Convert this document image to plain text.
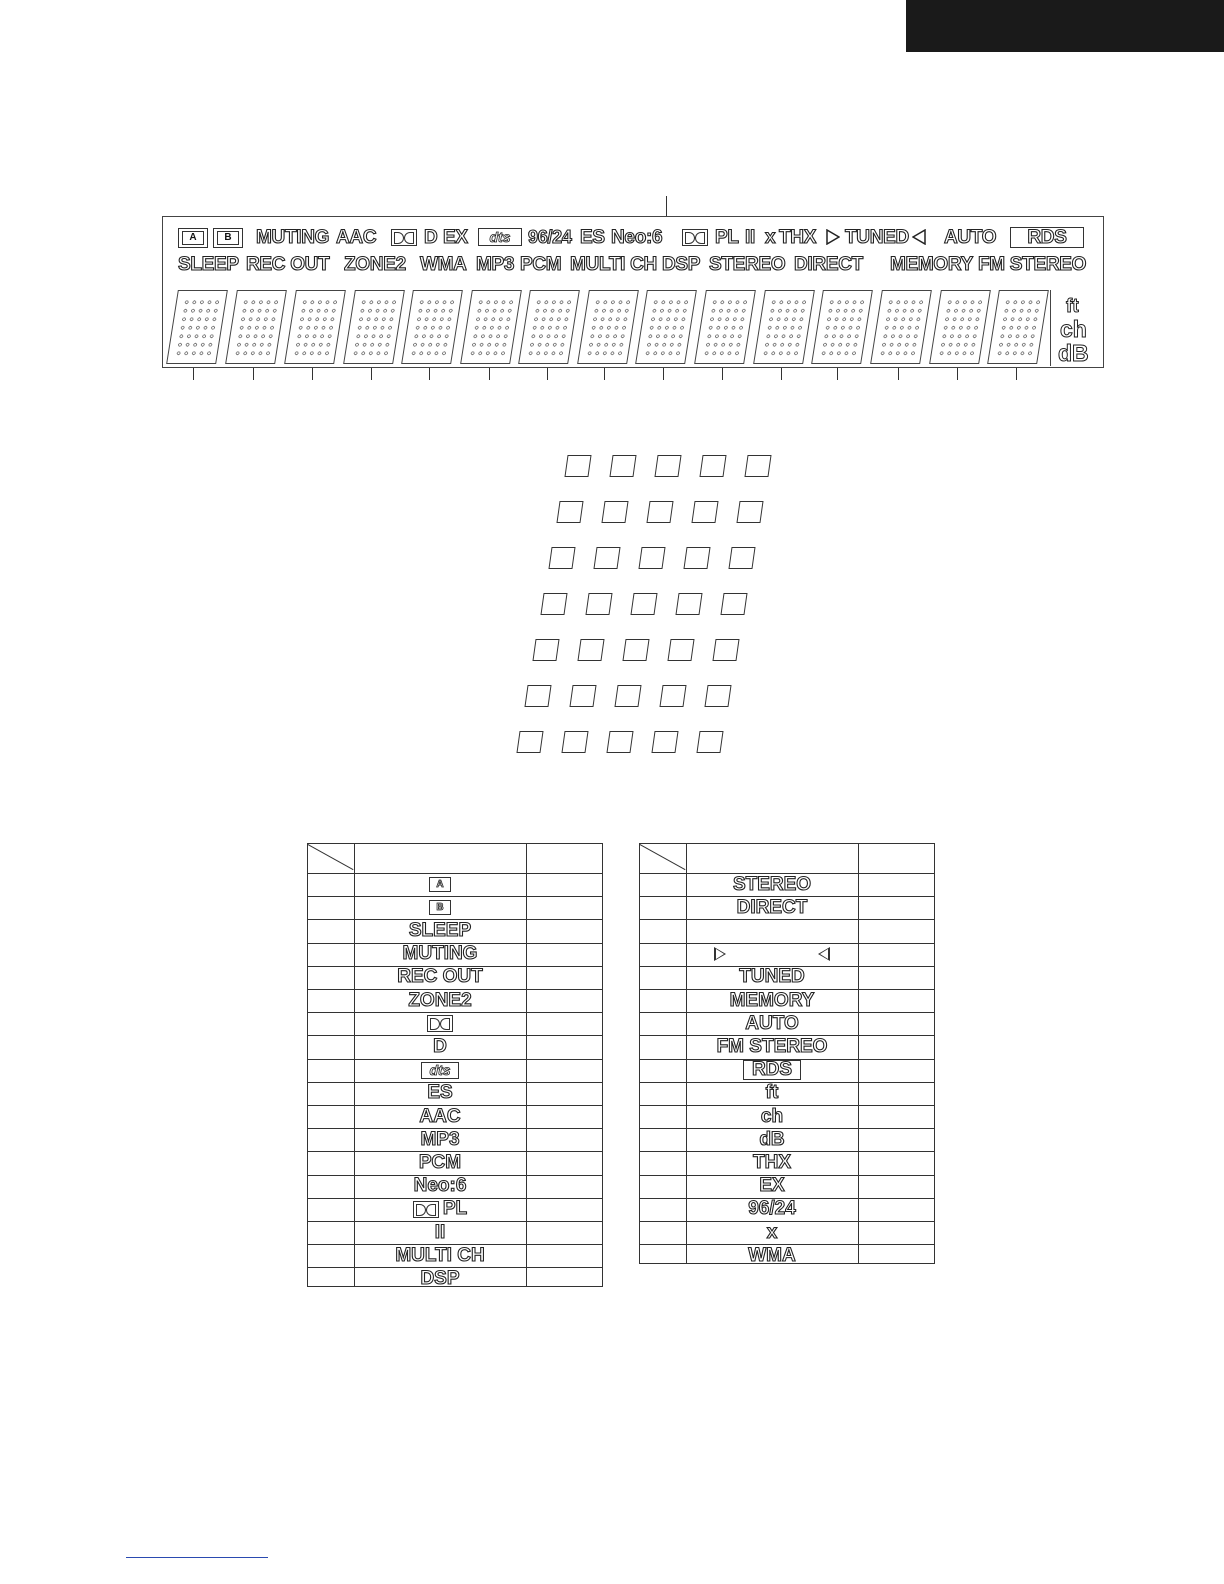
A	B	MUTING AAC	D EX	dts 96/24 ES Neo:6	PL II x THX TUNED AUTO	RDS
SLEEP REC OUT ZONE2 WMA MP3 PCM MULTI CH DSP STEREO DIRECT MEMORY FM STEREO
ft
ch
dB
A
B
SLEEP
MUTING
REC OUT
ZONE2
D
dts
ES
AAC
MP3
PCM
Neo:6
PL
II
MULTI CH
DSP
STEREO
DIRECT
TUNED
MEMORY
AUTO
FM STEREO
RDS
ft
ch
dB
THX
EX
96/24
x
WMA
